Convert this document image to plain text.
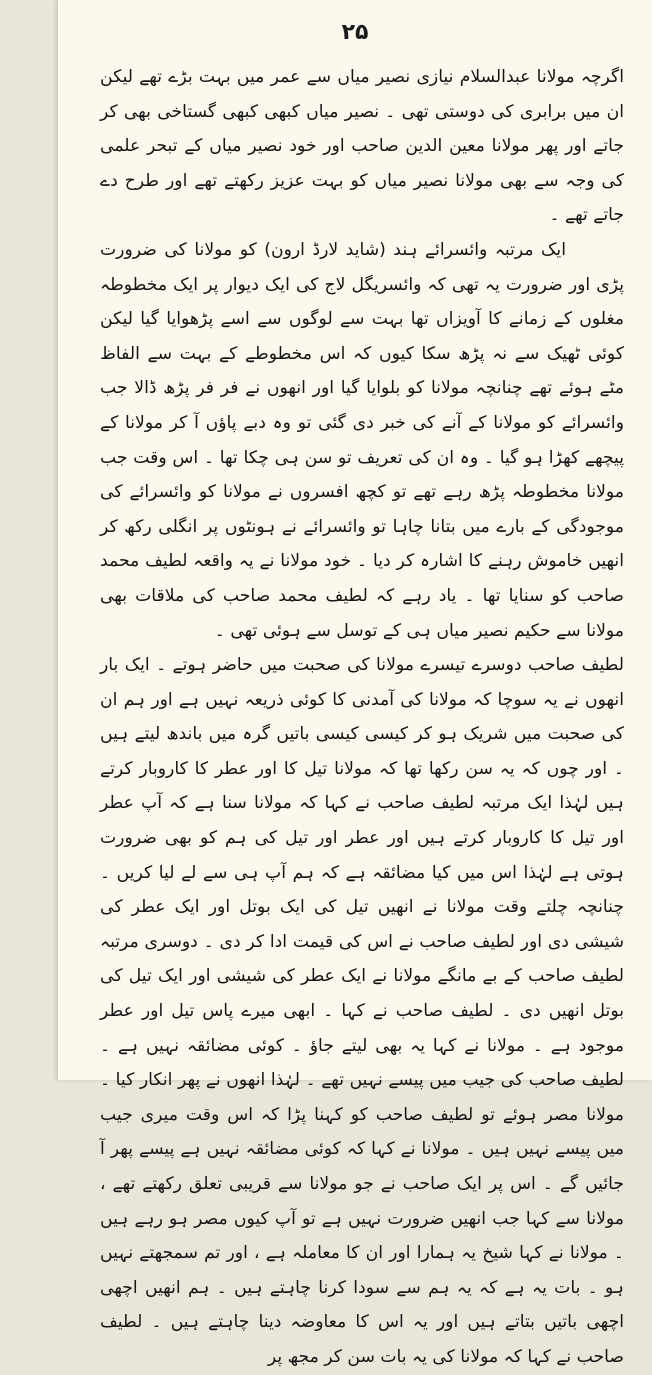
۲۵

اگرچہ مولانا عبدالسلام نیازی نصیر میاں سے عمر میں بہت بڑے تھے لیکن ان میں برابری کی دوستی تھی ۔ نصیر میاں کبھی کبھی گستاخی بھی کر جاتے اور پھر مولانا معین الدین صاحب اور خود نصیر میاں کے تبحر علمی کی وجہ سے بھی مولانا نصیر میاں کو بہت عزیز رکھتے تھے اور طرح دے جاتے تھے ۔

ایک مرتبہ وائسرائے ہند (شاید لارڈ ارون) کو مولانا کی ضرورت پڑی اور ضرورت یہ تھی کہ وائسریگل لاج کی ایک دیوار پر ایک مخطوطہ مغلوں کے زمانے کا آویزاں تھا بہت سے لوگوں سے اسے پڑھوایا گیا لیکن کوئی ٹھیک سے نہ پڑھ سکا کیوں کہ اس مخطوطے کے بہت سے الفاظ مٹے ہوئے تھے چنانچہ مولانا کو بلوایا گیا اور انھوں نے فر فر پڑھ ڈالا جب وائسرائے کو مولانا کے آنے کی خبر دی گئی تو وہ دبے پاؤں آ کر مولانا کے پیچھے کھڑا ہو گیا ۔ وہ ان کی تعریف تو سن ہی چکا تھا ۔ اس وقت جب مولانا مخطوطہ پڑھ رہے تھے تو کچھ افسروں نے مولانا کو وائسرائے کی موجودگی کے بارے میں بتانا چاہا تو وائسرائے نے ہونٹوں پر انگلی رکھ کر انھیں خاموش رہنے کا اشارہ کر دیا ۔ خود مولانا نے یہ واقعہ لطیف محمد صاحب کو سنایا تھا ۔ یاد رہے کہ لطیف محمد صاحب کی ملاقات بھی مولانا سے حکیم نصیر میاں ہی کے توسل سے ہوئی تھی ۔

لطیف صاحب دوسرے تیسرے مولانا کی صحبت میں حاضر ہوتے ۔ ایک بار انھوں نے یہ سوچا کہ مولانا کی آمدنی کا کوئی ذریعہ نہیں ہے اور ہم ان کی صحبت میں شریک ہو کر کیسی کیسی باتیں گرہ میں باندھ لیتے ہیں ۔ اور چوں کہ یہ سن رکھا تھا کہ مولانا تیل کا اور عطر کا کاروبار کرتے ہیں لہٰذا ایک مرتبہ لطیف صاحب نے کہا کہ مولانا سنا ہے کہ آپ عطر اور تیل کا کاروبار کرتے ہیں اور عطر اور تیل کی ہم کو بھی ضرورت ہوتی ہے لہٰذا اس میں کیا مضائقہ ہے کہ ہم آپ ہی سے لے لیا کریں ۔ چنانچہ چلتے وقت مولانا نے انھیں تیل کی ایک بوتل اور ایک عطر کی شیشی دی اور لطیف صاحب نے اس کی قیمت ادا کر دی ۔ دوسری مرتبہ لطیف صاحب کے بے مانگے مولانا نے ایک عطر کی شیشی اور ایک تیل کی بوتل انھیں دی ۔ لطیف صاحب نے کہا ۔ ابھی میرے پاس تیل اور عطر موجود ہے ۔ مولانا نے کہا یہ بھی لیتے جاؤ ۔ کوئی مضائقہ نہیں ہے ۔ لطیف صاحب کی جیب میں پیسے نہیں تھے ۔ لہٰذا انھوں نے پھر انکار کیا ۔ مولانا مصر ہوئے تو لطیف صاحب کو کہنا پڑا کہ اس وقت میری جیب میں پیسے نہیں ہیں ۔ مولانا نے کہا کہ کوئی مضائقہ نہیں ہے پیسے پھر آ جائیں گے ۔ اس پر ایک صاحب نے جو مولانا سے قریبی تعلق رکھتے تھے ، مولانا سے کہا جب انھیں ضرورت نہیں ہے تو آپ کیوں مصر ہو رہے ہیں ۔ مولانا نے کہا شیخ یہ ہمارا اور ان کا معاملہ ہے ، اور تم سمجھتے نہیں ہو ۔ بات یہ ہے کہ یہ ہم سے سودا کرنا چاہتے ہیں ۔ ہم انھیں اچھی اچھی باتیں بتاتے ہیں اور یہ اس کا معاوضہ دینا چاہتے ہیں ۔ لطیف صاحب نے کہا کہ مولانا کی یہ بات سن کر مجھ پر
